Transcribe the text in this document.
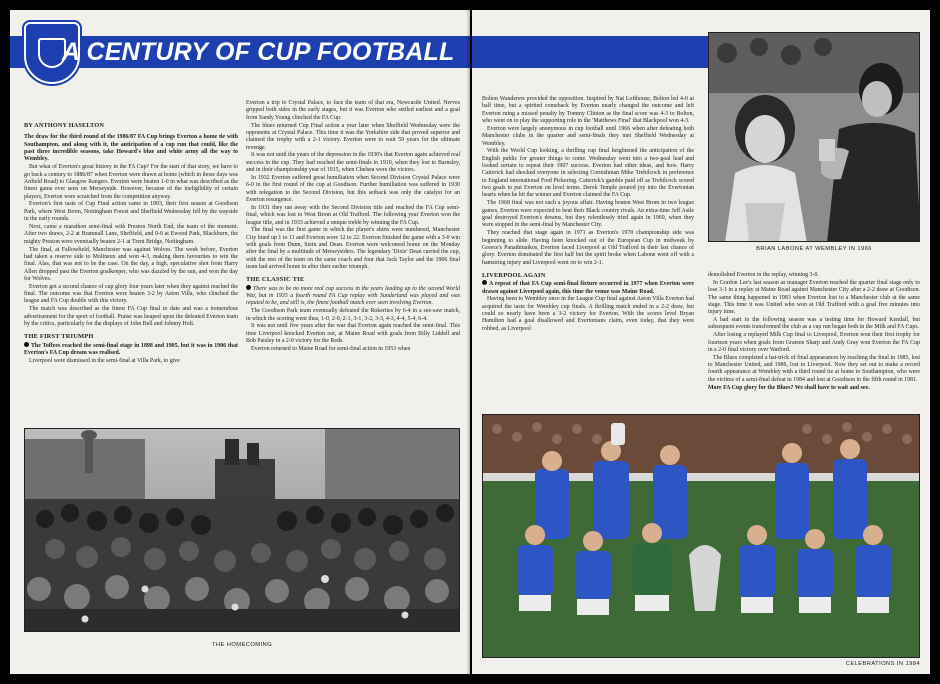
A CENTURY OF CUP FOOTBALL
BY ANTHONY HASELTON

The draw for the third round of the 1986/87 FA Cup brings Everton a home tie with Southampton, and along with it, the anticipation of a cup run that could, like the past three incredible seasons, take Howard's blue and white army all the way to Wembley.

But what of Everton's great history in the FA Cup? For the start of that story, we have to go back a century to 1886/87 when Everton were drawn at home (which in those days was Anfield Road) to Glasgow Rangers. Everton were beaten 1-0 in what was described as the finest game ever seen on Merseyside. However, because of the ineligibility of certain players, Everton were scratched from the competition anyway.

Everton's first taste of Cup Final action came in 1893, their first season at Goodison Park, where West Brom, Nottingham Forest and Sheffield Wednesday fell by the wayside in the early rounds.

Next, came a marathon semi-final with Preston North End, the team of the moment. After two draws, 2-2 at Bramnall Lane, Sheffield, and 0-0 at Ewood Park, Blackburn, the mighty Preston were eventually beaten 2-1 at Trent Bridge, Nottingham.

The final, at Fallowfield, Manchester was against Wolves. The week before, Everton had taken a reserve side to Molineux and won 4-3, making them favourites to win the final. Alas, that was not to be the case. On the day, a high, speculative shot from Harry Allen dropped past the Everton goalkeeper, who was dazzled by the sun, and won the day for Wolves.

Everton got a second chance of cup glory four years later when they against reached the final. The outcome was that Everton were beaten 3-2 by Aston Villa, who clinched the league and FA Cup double with this victory.

The match was described as the finest FA Cup final to date and was a tremendous advertisement for the sport of football. Praise was heaped upon the defeated Everton team by the critics, particularly for the displays of John Bell and Johnny Holt.

THE FIRST TRIUMPH

The Toffees reached the semi-final stage in 1898 and 1905, but it was in 1906 that Everton's FA Cup dream was realised.

Liverpool were dismissed in the semi-final at Villa Park, to give

Everton a trip to Crystal Palace, to face the team of that era, Newcastle United. Nerves gripped both sides in the early stages, but it was Everton who settled earliest and a goal from Sandy Young clinched the FA Cup.

The blues returned Cup Final action a year later when Sheffield Wednesday were the opponents at Crystal Palace. This time it was the Yorkshire side that proved superior and claimed the trophy with a 2-1 victory. Everton were to wait 59 years for the ultimate revenge.

It was not until the years of the depression in the 1930's that Everton again achieved real success in the cup. They had reached the semi-finals in 1910, when they lost to Barnsley, and in their championship year of 1915, when Chelsea were the victors.

In 1932 Everton suffered great humiliation when Second Division Crystal Palace were 6-0 in the first round of the cup at Goodison. Further humiliation was suffered in 1930 with relegation to the Second Division, but this setback was only the catalyst for an Everton resurgence.

In 1931 they ran away with the Second Division title and reached the FA Cup semi-final, which was lost to West Brom at Old Trafford. The following year Everton won the league title, and in 1933 achieved a unique treble by winning the FA Cup.

The final was the first game in which the player's shirts were numbered, Manchester City lined up 1 to 11 and Everton wore 12 to 22. Everton finished the game with a 3-0 win with goals from Dunn, Stein and Dean. Everton were welcomed home on the Monday after the final by a multitude of Merseysiders. The legendary 'Dixie' Dean carried the cup, with the rest of the team on the same coach and four that Jack Taylor and the 1906 final team had arrived home in after their earlier triumph.

THE CLASSIC TIE

There was to be no more real cup success in the years leading up to the second World War, but in 1935 a fourth round FA Cup replay with Sunderland was played and was reputed to be, and still is, the finest football match ever seen involving Everton.

The Goodison Park team eventually defeated the Rokerites by 6-4 in a see-saw match, in which the scoring went thus, 1-0, 2-0, 2-1, 3-1, 3-2, 3-3, 4-3, 4-4, 5-4, 6-4.

It was not until five years after the war that Everton again reached the semi-final. This time Liverpool knocked Everton out, at Maine Road with goals from Billy Liddell and Bob Paisley in a 2-0 victory for the Reds.

Everton returned to Maine Road for semi-final action in 1953 when

THE HOMECOMING

Bolton Wanderers provided the opposition. Inspired by Nat Lofthouse, Bolton led 4-0 at half time, but a spirited comeback by Everton nearly changed the outcome and left Everton ruing a missed penalty by Tommy Clinton as the final score was 4-3 to Bolton, who went on to play the supporting role in the 'Matthews Final' that Blackpool won 4-3.

Everton were largely anonymous in cup football until 1966 when after defeating both Manchester clubs in the quarter and semi-finals they met Sheffield Wednesday at Wembley.

With the World Cup looking, a thrilling cup final heightened the anticipation of the English public for greater things to come. Wednesday went into a two-goal lead and looked certain to repeat their 1907 success. Everton had other ideas, and how. Harry Catterick had shocked everyone in selecting Cornishman Mike Trebilcock in preference to England international Fred Pickering. Catterick's gamble paid off as Trebilcock scored two goals to put Everton on level terms. Derek Temple poured joy into the Evertonian hearts when he hit the winner and Everton claimed the FA Cup.

The 1968 final was not such a joyous affair. Having beaten West Brom in two league games, Everton were expected to beat their Black country rivals. An extra-time Jeff Astle goal destroyed Everton's dreams, but they relentlessly tried again in 1969, when they were stopped in the semi-final by Manchester City.

They reached that stage again in 1971 as Everton's 1970 championship side was beginning to slide. Having been knocked out of the European Cup in midweek by Greece's Panathinaikos, Everton faced Liverpool at Old Trafford in their last chance of glory. Everton dominated the first half but the spirit broke when Labone went off with a hamstring injury and Liverpool went on to win 2-1.

LIVERPOOL AGAIN

A repeat of that FA Cup semi-final fixture occurred in 1977 when Everton were drawn against Liverpool again, this time the venue was Maine Road.

Having been to Wembley once in the League Cup final against Aston Villa Everton had acquired the taste for Wembley cup finals. A thrilling match ended in a 2-2 draw, but could so nearly have been a 3-2 victory for Everton. With the scores level Bryan Hamilton had a goal disallowed and Evertonians claim, even today, that they were robbed, as Liverpool

BRIAN LABONE AT WEMBLEY IN 1966

demolished Everton in the replay, winning 3-0.

In Gordon Lee's last season as manager Everton reached the quarter final stage only to lose 3-1 in a replay at Maine Road against Manchester City after a 2-2 draw at Goodison. The same thing happened in 1983 when Everton lost to a Manchester club at the same stage. This time it was United who won at Old Trafford with a goal five minutes into injury time.

A bad start to the following season was a testing time for Howard Kendall, but subsequent events transformed the club as a cup run began both in the Milk and FA Cups.

After losing a replayed Milk Cup final to Liverpool, Everton won their first trophy for fourteen years when goals from Graeme Sharp and Andy Gray won Everton the FA Cup in a 2-0 final victory over Watford.

The Blues completed a hat-trick of final appearances by reaching the final in 1985, lost to Manchester United, and 1986, lost to Liverpool. Now they set out to make a record fourth appearance at Wembley with a third round tie at home to Southampton, who were the victims of a semi-final defeat in 1984 and lost at Goodison in the fifth round in 1981.

More FA Cup glory for the Blues? We shall have to wait and see.

CELEBRATIONS IN 1984
